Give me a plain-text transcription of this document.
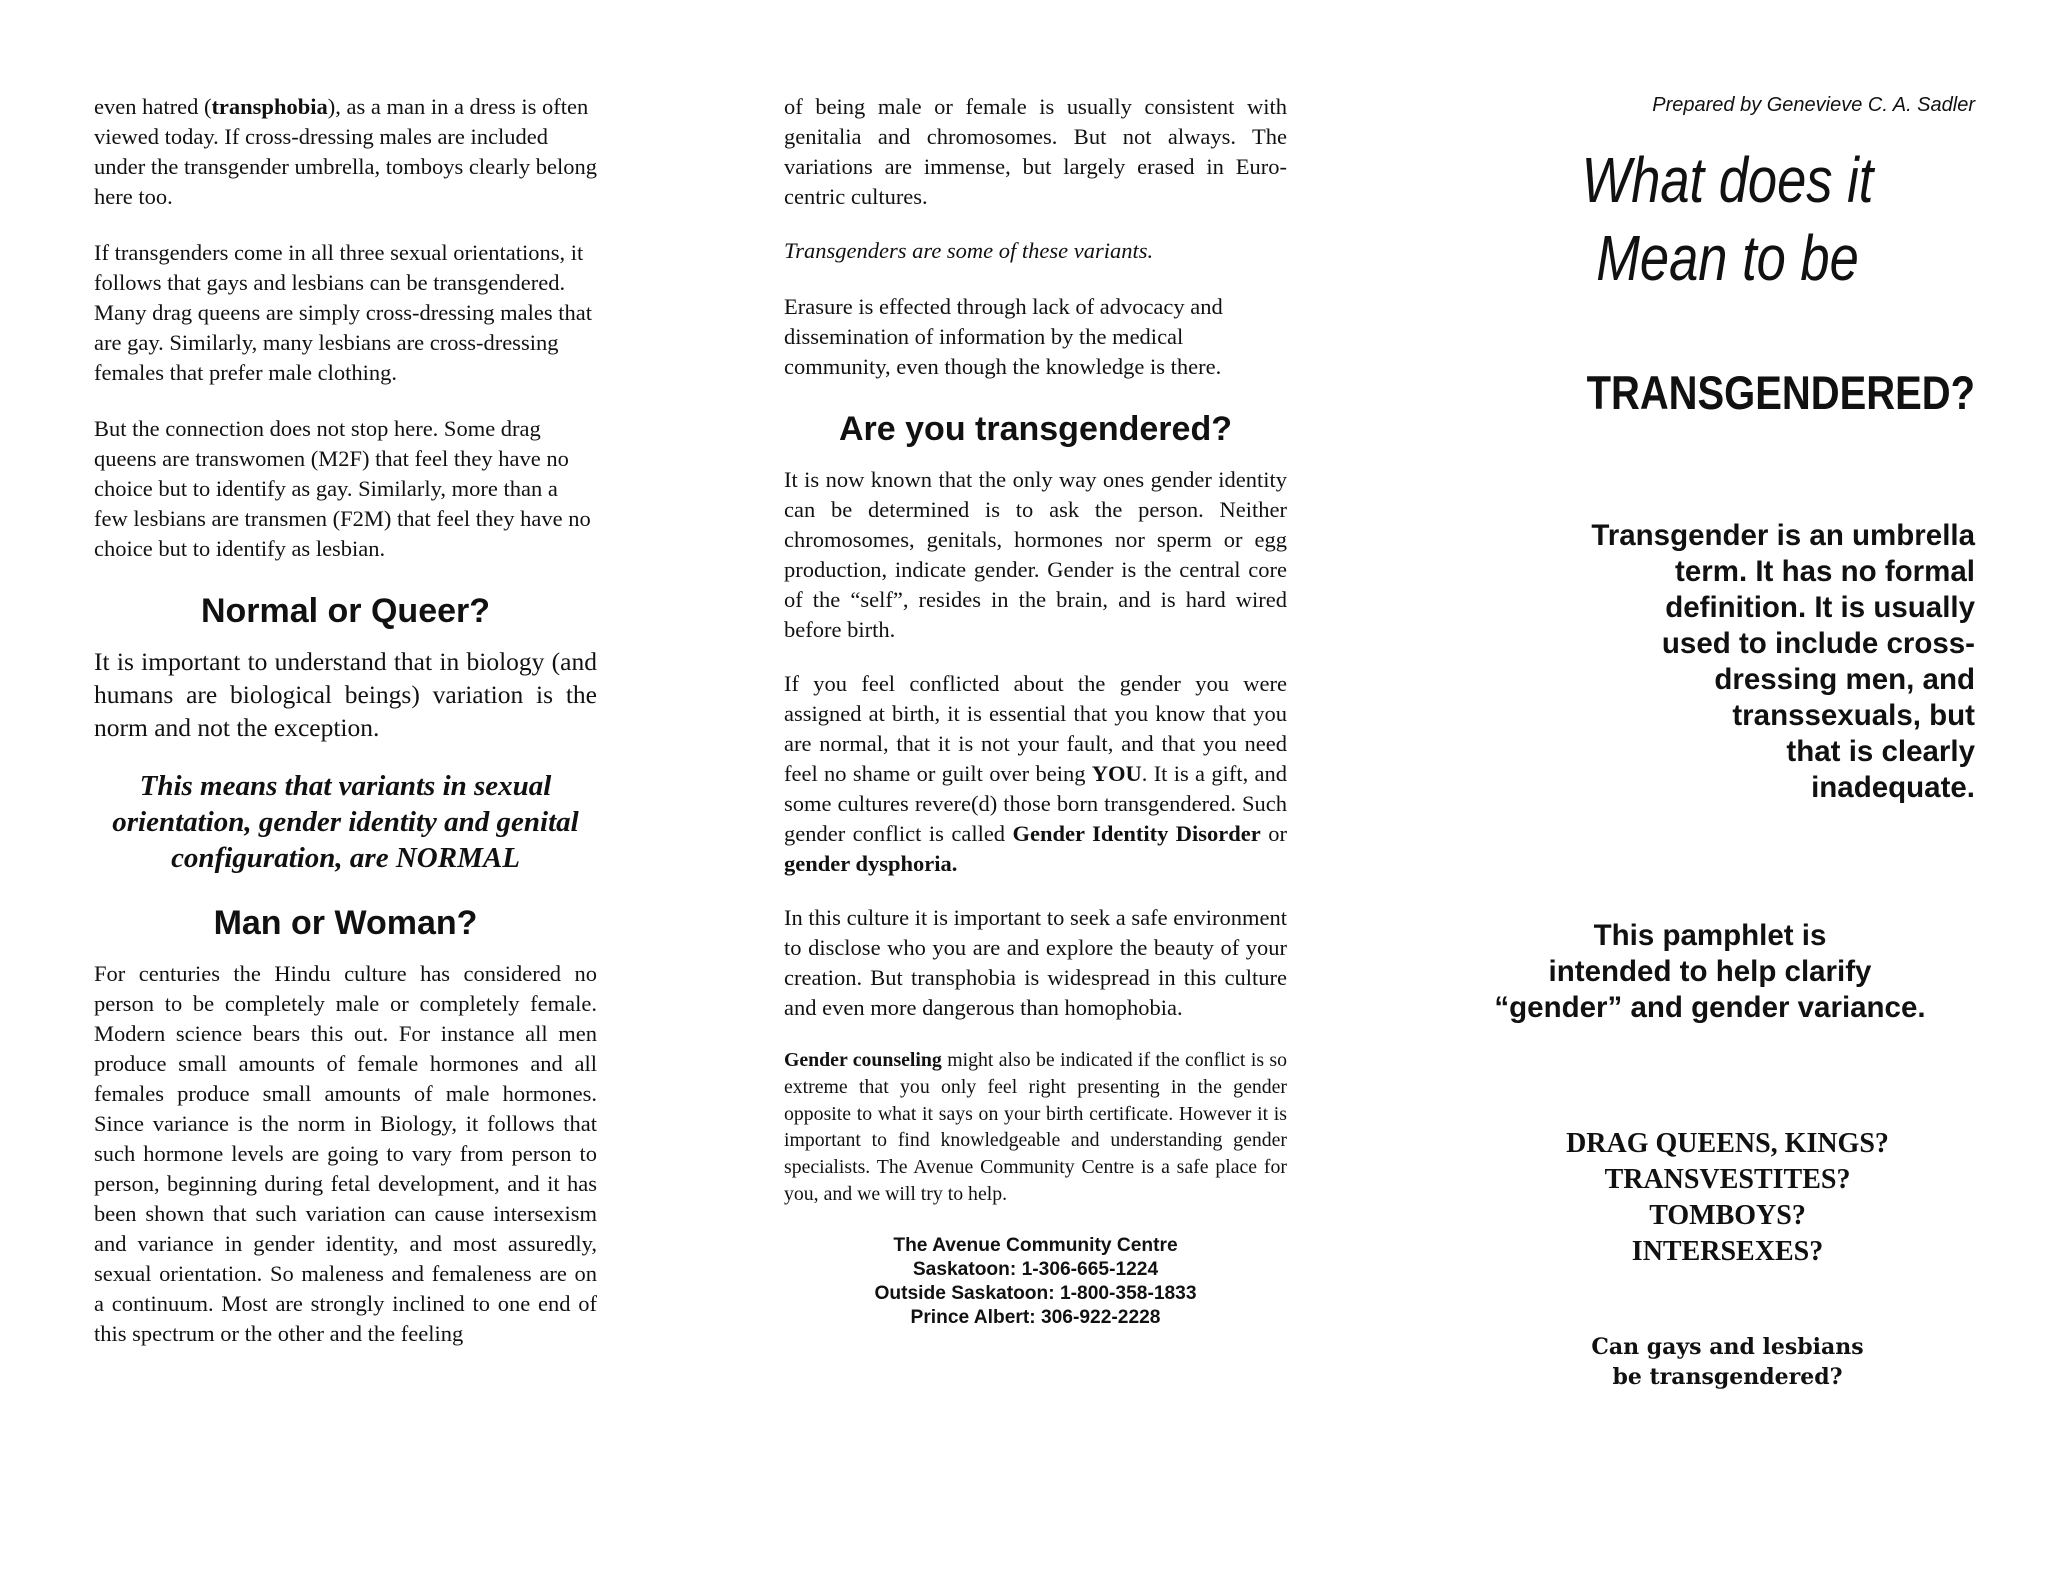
even hatred (transphobia), as a man in a dress is often viewed today. If cross-dressing males are included under the transgender umbrella, tomboys clearly belong here too.

If transgenders come in all three sexual orientations, it follows that gays and lesbians can be transgendered. Many drag queens are simply cross-dressing males that are gay. Similarly, many lesbians are cross-dressing females that prefer male clothing.

But the connection does not stop here. Some drag queens are transwomen (M2F) that feel they have no choice but to identify as gay. Similarly, more than a few lesbians are transmen (F2M) that feel they have no choice but to identify as lesbian.

Normal or Queer?

It is important to understand that in biology (and humans are biological beings) variation is the norm and not the exception.

This means that variants in sexual orientation, gender identity and genital configuration, are NORMAL

Man or Woman?

For centuries the Hindu culture has considered no person to be completely male or completely female. Modern science bears this out. For instance all men produce small amounts of female hormones and all females produce small amounts of male hormones. Since variance is the norm in Biology, it follows that such hormone levels are going to vary from person to person, beginning during fetal development, and it has been shown that such variation can cause intersexism and variance in gender identity, and most assuredly, sexual orientation. So maleness and femaleness are on a continuum. Most are strongly inclined to one end of this spectrum or the other and the feeling

of being male or female is usually consistent with genitalia and chromosomes. But not always. The variations are immense, but largely erased in Euro-centric cultures.

Transgenders are some of these variants.

Erasure is effected through lack of advocacy and dissemination of information by the medical community, even though the knowledge is there.

Are you transgendered?

It is now known that the only way ones gender identity can be determined is to ask the person. Neither chromosomes, genitals, hormones nor sperm or egg production, indicate gender. Gender is the central core of the “self”, resides in the brain, and is hard wired before birth.

If you feel conflicted about the gender you were assigned at birth, it is essential that you know that you are normal, that it is not your fault, and that you need feel no shame or guilt over being YOU. It is a gift, and some cultures revere(d) those born transgendered. Such gender conflict is called Gender Identity Disorder or gender dysphoria.

In this culture it is important to seek a safe environment to disclose who you are and explore the beauty of your creation. But transphobia is widespread in this culture and even more dangerous than homophobia.

Gender counseling might also be indicated if the conflict is so extreme that you only feel right presenting in the gender opposite to what it says on your birth certificate. However it is important to find knowledgeable and understanding gender specialists. The Avenue Community Centre is a safe place for you, and we will try to help.

The Avenue Community Centre
Saskatoon: 1-306-665-1224
Outside Saskatoon: 1-800-358-1833
Prince Albert: 306-922-2228
Prepared by Genevieve C. A. Sadler
What does it
Mean to be
TRANSGENDERED?
Transgender is an umbrella
term. It has no formal
definition. It is usually
used to include cross-
dressing men, and
transsexuals, but
that is clearly
inadequate.
This pamphlet is
intended to help clarify
“gender” and gender variance.
DRAG QUEENS, KINGS?
TRANSVESTITES?
TOMBOYS?
INTERSEXES?
Can gays and lesbians
be transgendered?
